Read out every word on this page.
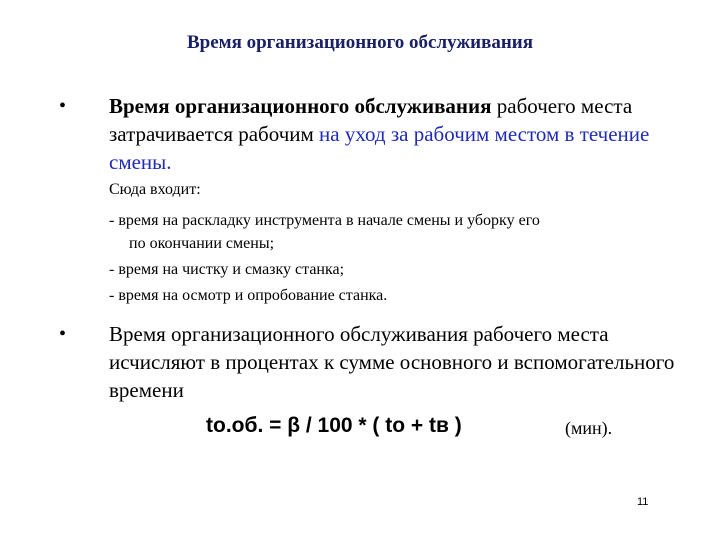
Время организационного обслуживания
• Время организационного обслуживания рабочего места затрачивается рабочим на уход за рабочим местом в течение смены.
Сюда входит:
- время на раскладку инструмента в начале смены и уборку его
по окончании смены;
- время на чистку и смазку станка;
- время на осмотр и опробование станка.
• Время организационного обслуживания рабочего места исчисляют в процентах к сумме основного и вспомогательного времени
tо.об. = β / 100 * ( tо + tв )	(мин).
11
